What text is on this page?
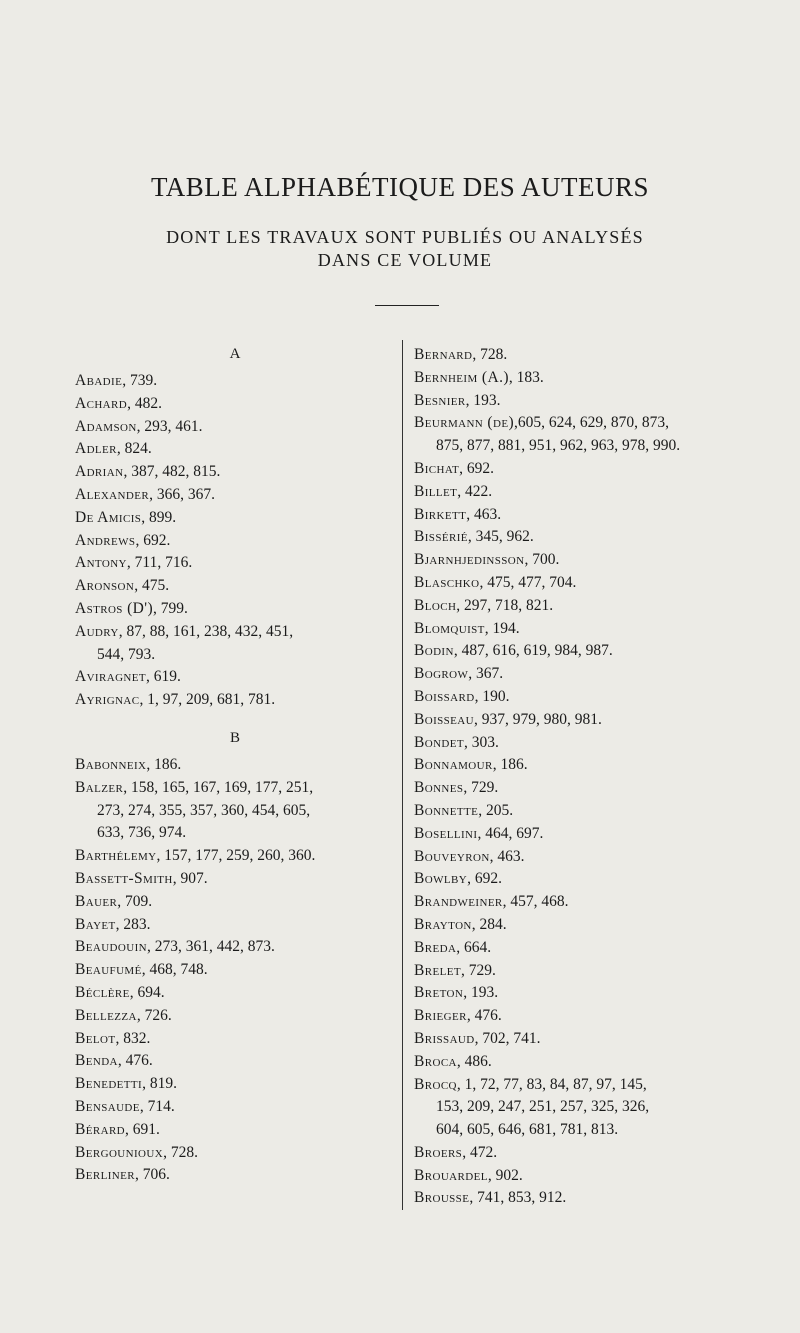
TABLE ALPHABÉTIQUE DES AUTEURS
DONT LES TRAVAUX SONT PUBLIÉS OU ANALYSÉS
DANS CE VOLUME
A
Abadie, 739.
Achard, 482.
Adamson, 293, 461.
Adler, 824.
Adrian, 387, 482, 815.
Alexander, 366, 367.
De Amicis, 899.
Andrews, 692.
Antony, 711, 716.
Aronson, 475.
Astros (D'), 799.
Audry, 87, 88, 161, 238, 432, 451,
544, 793.
Aviragnet, 619.
Ayrignac, 1, 97, 209, 681, 781.
B
Babonneix, 186.
Balzer, 158, 165, 167, 169, 177, 251,
273, 274, 355, 357, 360, 454, 605,
633, 736, 974.
Barthélemy, 157, 177, 259, 260, 360.
Bassett-Smith, 907.
Bauer, 709.
Bayet, 283.
Beaudouin, 273, 361, 442, 873.
Beaufumé, 468, 748.
Béclère, 694.
Bellezza, 726.
Belot, 832.
Benda, 476.
Benedetti, 819.
Bensaude, 714.
Bérard, 691.
Bergounioux, 728.
Berliner, 706.
Bernard, 728.
Bernheim (A.), 183.
Besnier, 193.
Beurmann (de),605, 624, 629, 870, 873,
875, 877, 881, 951, 962, 963, 978, 990.
Bichat, 692.
Billet, 422.
Birkett, 463.
Bissérié, 345, 962.
Bjarnhjedinsson, 700.
Blaschko, 475, 477, 704.
Bloch, 297, 718, 821.
Blomquist, 194.
Bodin, 487, 616, 619, 984, 987.
Bogrow, 367.
Boissard, 190.
Boisseau, 937, 979, 980, 981.
Bondet, 303.
Bonnamour, 186.
Bonnes, 729.
Bonnette, 205.
Bosellini, 464, 697.
Bouveyron, 463.
Bowlby, 692.
Brandweiner, 457, 468.
Brayton, 284.
Breda, 664.
Brelet, 729.
Breton, 193.
Brieger, 476.
Brissaud, 702, 741.
Broca, 486.
Brocq, 1, 72, 77, 83, 84, 87, 97, 145,
153, 209, 247, 251, 257, 325, 326,
604, 605, 646, 681, 781, 813.
Broers, 472.
Brouardel, 902.
Brousse, 741, 853, 912.
